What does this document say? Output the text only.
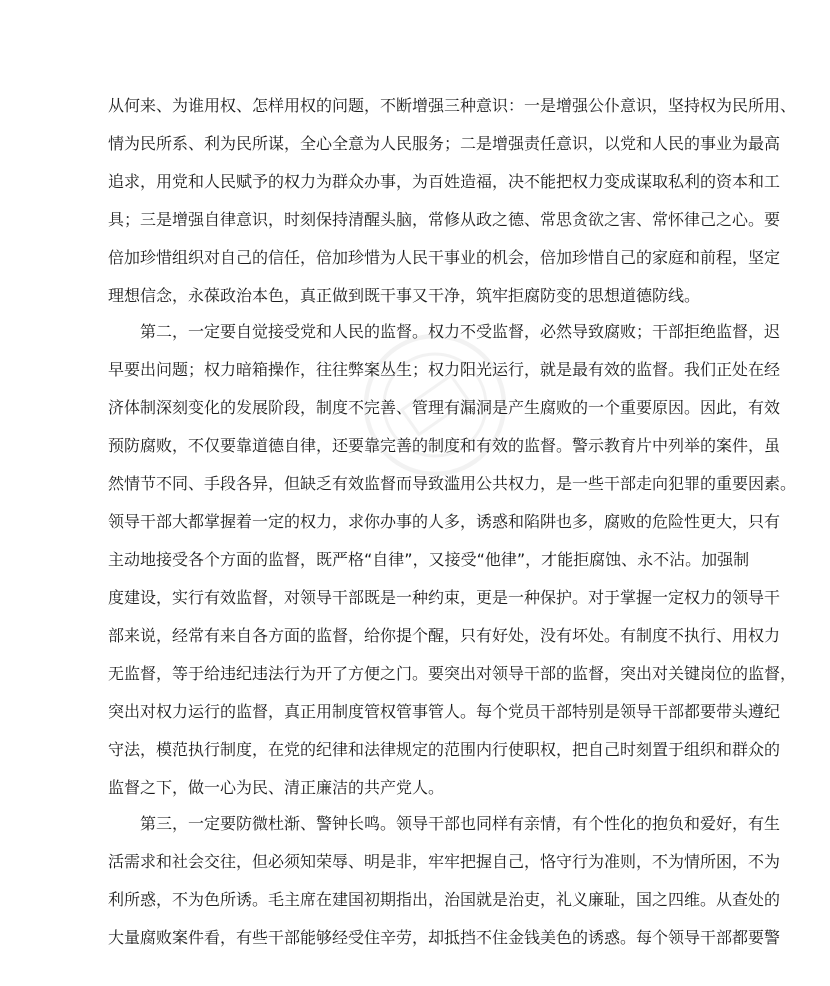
从何来、为谁用权、怎样用权的问题，不断增强三种意识：一是增强公仆意识，坚持权为民所用、
情为民所系、利为民所谋，全心全意为人民服务；二是增强责任意识，以党和人民的事业为最高
追求，用党和人民赋予的权力为群众办事，为百姓造福，决不能把权力变成谋取私利的资本和工
具；三是增强自律意识，时刻保持清醒头脑，常修从政之德、常思贪欲之害、常怀律己之心。要
倍加珍惜组织对自己的信任，倍加珍惜为人民干事业的机会，倍加珍惜自己的家庭和前程，坚定
理想信念，永葆政治本色，真正做到既干事又干净，筑牢拒腐防变的思想道德防线。
第二，一定要自觉接受党和人民的监督。权力不受监督，必然导致腐败；干部拒绝监督，迟
早要出问题；权力暗箱操作，往往弊案丛生；权力阳光运行，就是最有效的监督。我们正处在经
济体制深刻变化的发展阶段，制度不完善、管理有漏洞是产生腐败的一个重要原因。因此，有效
预防腐败，不仅要靠道德自律，还要靠完善的制度和有效的监督。警示教育片中列举的案件，虽
然情节不同、手段各异，但缺乏有效监督而导致滥用公共权力，是一些干部走向犯罪的重要因素。
领导干部大都掌握着一定的权力，求你办事的人多，诱惑和陷阱也多，腐败的危险性更大，只有
主动地接受各个方面的监督，既严格“自律”，又接受“他律”，才能拒腐蚀、永不沾。加强制
度建设，实行有效监督，对领导干部既是一种约束，更是一种保护。对于掌握一定权力的领导干
部来说，经常有来自各方面的监督，给你提个醒，只有好处，没有坏处。有制度不执行、用权力
无监督，等于给违纪违法行为开了方便之门。要突出对领导干部的监督，突出对关键岗位的监督，
突出对权力运行的监督，真正用制度管权管事管人。每个党员干部特别是领导干部都要带头遵纪
守法，模范执行制度，在党的纪律和法律规定的范围内行使职权，把自己时刻置于组织和群众的
监督之下，做一心为民、清正廉洁的共产党人。
第三，一定要防微杜渐、警钟长鸣。领导干部也同样有亲情，有个性化的抱负和爱好，有生
活需求和社会交往，但必须知荣辱、明是非，牢牢把握自己，恪守行为准则，不为情所困，不为
利所惑，不为色所诱。毛主席在建国初期指出，治国就是治吏，礼义廉耻，国之四维。从查处的
大量腐败案件看，有些干部能够经受住辛劳，却抵挡不住金钱美色的诱惑。每个领导干部都要警
